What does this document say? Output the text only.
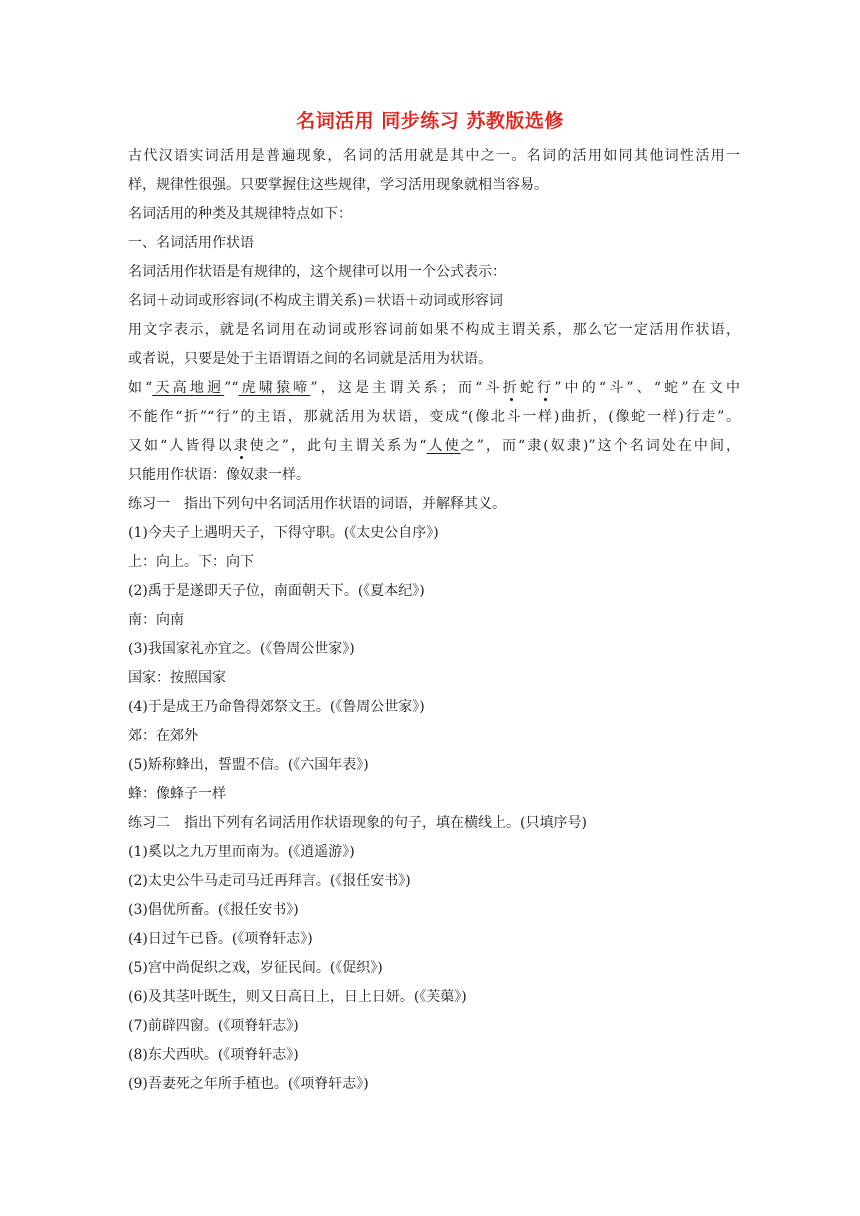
名词活用 同步练习 苏教版选修
古代汉语实词活用是普遍现象，名词的活用就是其中之一。名词的活用如同其他词性活用一
样，规律性很强。只要掌握住这些规律，学习活用现象就相当容易。
名词活用的种类及其规律特点如下：
一、名词活用作状语
名词活用作状语是有规律的，这个规律可以用一个公式表示：
名词＋动词或形容词(不构成主谓关系)＝状语＋动词或形容词
用文字表示，就是名词用在动词或形容词前如果不构成主谓关系，那么它一定活用作状语，
或者说，只要是处于主语谓语之间的名词就是活用为状语。
如“天高地迥”“虎啸猿啼”，这是主谓关系；而“斗折蛇行”中的“斗”、“蛇”在文中
不能作“折”“行”的主语，那就活用为状语，变成“(像北斗一样)曲折，(像蛇一样)行走”。
又如“人皆得以隶使之”，此句主谓关系为“人使之”，而“隶(奴隶)”这个名词处在中间，
只能用作状语：像奴隶一样。
练习一　指出下列句中名词活用作状语的词语，并解释其义。
(1)今夫子上遇明天子，下得守职。(《太史公自序》)
上：向上。下：向下
(2)禹于是遂即天子位，南面朝天下。(《夏本纪》)
南：向南
(3)我国家礼亦宜之。(《鲁周公世家》)
国家：按照国家
(4)于是成王乃命鲁得郊祭文王。(《鲁周公世家》)
郊：在郊外
(5)矫称蜂出，誓盟不信。(《六国年表》)
蜂：像蜂子一样
练习二　指出下列有名词活用作状语现象的句子，填在横线上。(只填序号)
(1)奚以之九万里而南为。(《逍遥游》)
(2)太史公牛马走司马迁再拜言。(《报任安书》)
(3)倡优所畜。(《报任安书》)
(4)日过午已昏。(《项脊轩志》)
(5)宫中尚促织之戏，岁征民间。(《促织》)
(6)及其茎叶既生，则又日高日上，日上日妍。(《芙蕖》)
(7)前辟四窗。(《项脊轩志》)
(8)东犬西吠。(《项脊轩志》)
(9)吾妻死之年所手植也。(《项脊轩志》)
